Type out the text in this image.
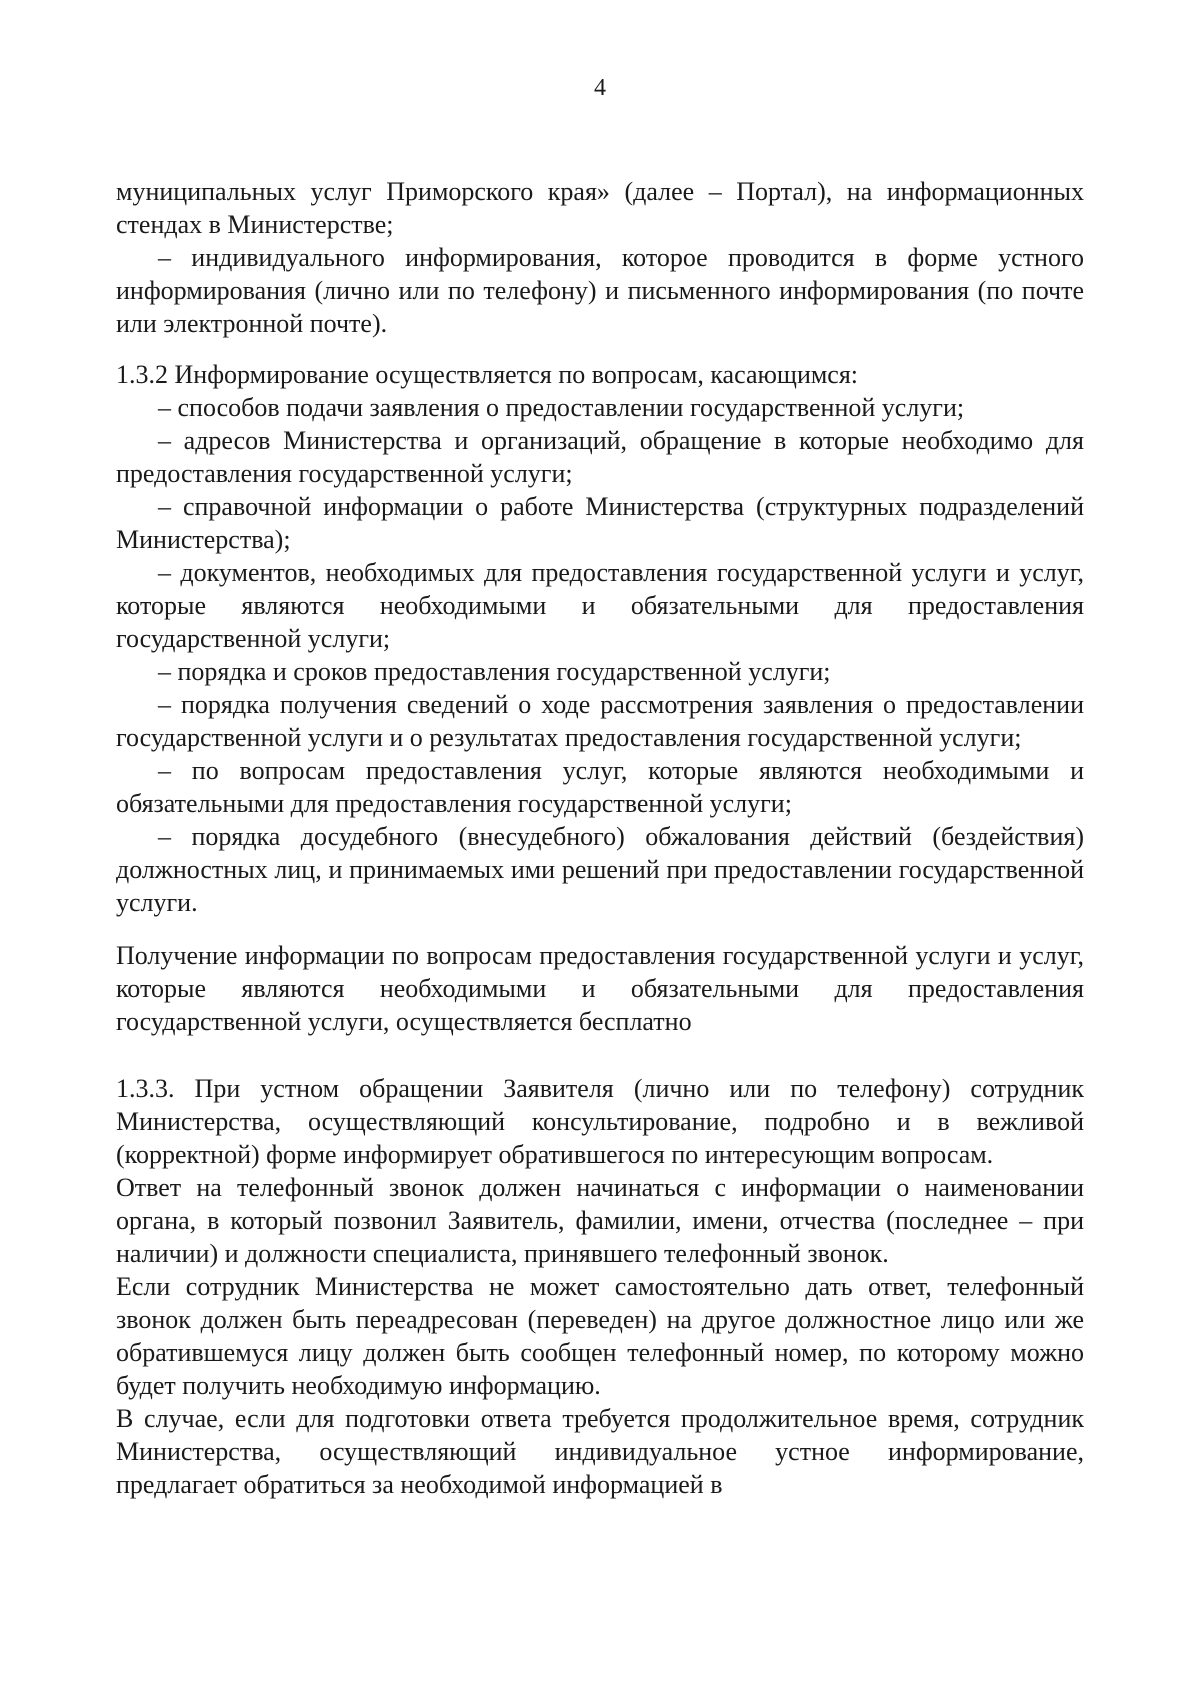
4

муниципальных услуг Приморского края» (далее – Портал), на информационных стендах в Министерстве;

– индивидуального информирования, которое проводится в форме устного информирования (лично или по телефону) и письменного информирования (по почте или электронной почте).

1.3.2 Информирование осуществляется по вопросам, касающимся:

– способов подачи заявления о предоставлении государственной услуги;

– адресов Министерства и организаций, обращение в которые необходимо для предоставления государственной услуги;

– справочной информации о работе Министерства (структурных подразделений Министерства);

– документов, необходимых для предоставления государственной услуги и услуг, которые являются необходимыми и обязательными для предоставления государственной услуги;

– порядка и сроков предоставления государственной услуги;

– порядка получения сведений о ходе рассмотрения заявления о предоставлении государственной услуги и о результатах предоставления государственной услуги;

– по вопросам предоставления услуг, которые являются необходимыми и обязательными для предоставления государственной услуги;

– порядка досудебного (внесудебного) обжалования действий (бездействия) должностных лиц, и принимаемых ими решений при предоставлении государственной услуги.

Получение информации по вопросам предоставления государственной услуги и услуг, которые являются необходимыми и обязательными для предоставления государственной услуги, осуществляется бесплатно

1.3.3. При устном обращении Заявителя (лично или по телефону) сотрудник Министерства, осуществляющий консультирование, подробно и в вежливой (корректной) форме информирует обратившегося по интересующим вопросам.

Ответ на телефонный звонок должен начинаться с информации о наименовании органа, в который позвонил Заявитель, фамилии, имени, отчества (последнее – при наличии) и должности специалиста, принявшего телефонный звонок.

Если сотрудник Министерства не может самостоятельно дать ответ, телефонный звонок должен быть переадресован (переведен) на другое должностное лицо или же обратившемуся лицу должен быть сообщен телефонный номер, по которому можно будет получить необходимую информацию.

В случае, если для подготовки ответа требуется продолжительное время, сотрудник Министерства, осуществляющий индивидуальное устное информирование, предлагает обратиться за необходимой информацией в
